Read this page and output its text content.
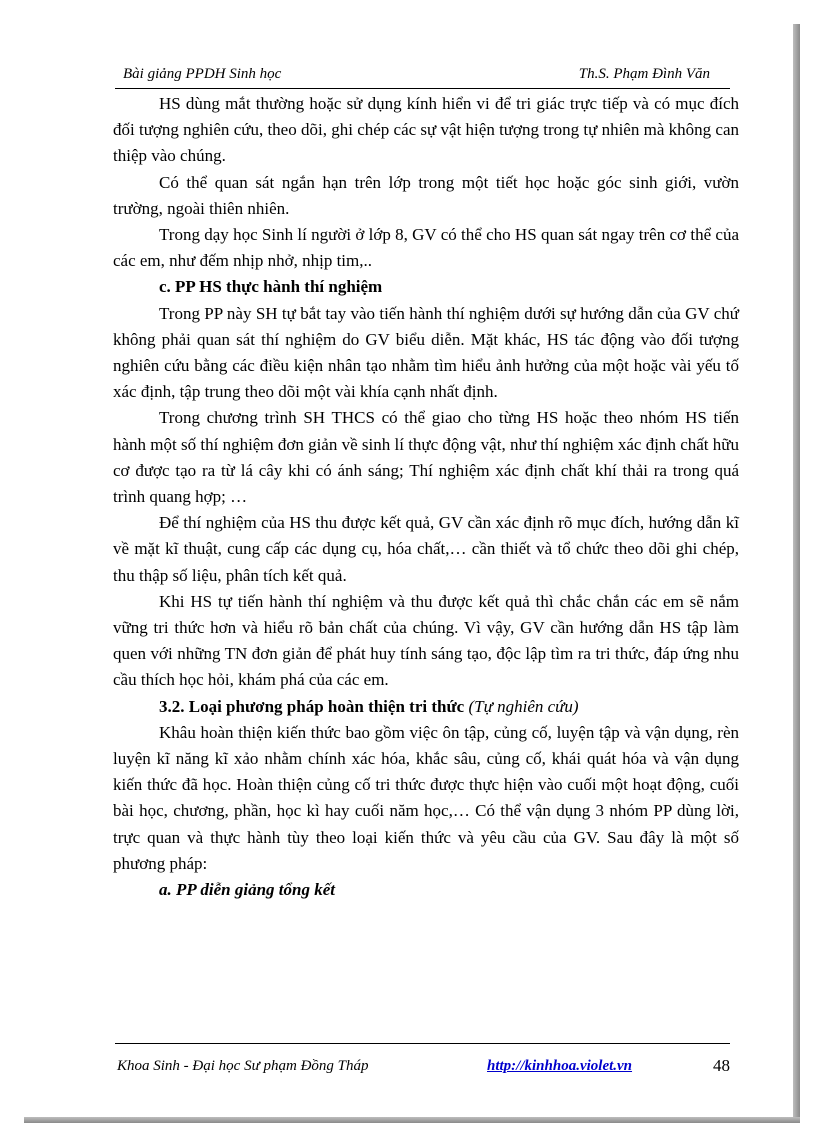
Bài giảng PPDH Sinh học	Th.S. Phạm Đình Văn

HS dùng mắt thường hoặc sử dụng kính hiển vi để tri giác trực tiếp và có mục đích đối tượng nghiên cứu, theo dõi, ghi chép các sự vật hiện tượng trong tự nhiên mà không can thiệp vào chúng.

Có thể quan sát ngắn hạn trên lớp trong một tiết học hoặc góc sinh giới, vườn trường, ngoài thiên nhiên.

Trong dạy học Sinh lí người ở lớp 8, GV có thể cho HS quan sát ngay trên cơ thể của các em, như đếm nhịp nhở, nhịp tim,..

c. PP HS thực hành thí nghiệm

Trong PP này SH tự bắt tay vào tiến hành thí nghiệm dưới sự hướng dẫn của GV chứ không phải quan sát thí nghiệm do GV biểu diễn. Mặt khác, HS tác động vào đối tượng nghiên cứu bằng các điều kiện nhân tạo nhằm tìm hiểu ảnh hưởng của một hoặc vài yếu tố xác định, tập trung theo dõi một vài khía cạnh nhất định.

Trong chương trình SH THCS có thể giao cho từng HS hoặc theo nhóm HS tiến hành một số thí nghiệm đơn giản về sinh lí thực động vật, như thí nghiệm xác định chất hữu cơ được tạo ra từ lá cây khi có ánh sáng; Thí nghiệm xác định chất khí thải ra trong quá trình quang hợp; …

Để thí nghiệm của HS thu được kết quả, GV cần xác định rõ mục đích, hướng dẫn kĩ về mặt kĩ thuật, cung cấp các dụng cụ, hóa chất,… cần thiết và tổ chức theo dõi ghi chép, thu thập số liệu, phân tích kết quả.

Khi HS tự tiến hành thí nghiệm và thu được kết quả thì chắc chắn các em sẽ nắm vững tri thức hơn và hiểu rõ bản chất của chúng. Vì vậy, GV cần hướng dẫn HS tập làm quen với những TN đơn giản để phát huy tính sáng tạo, độc lập tìm ra tri thức, đáp ứng nhu cầu thích học hỏi, khám phá của các em.

3.2. Loại phương pháp hoàn thiện tri thức (Tự nghiên cứu)

Khâu hoàn thiện kiến thức bao gồm việc ôn tập, củng cố, luyện tập và vận dụng, rèn luyện kĩ năng kĩ xảo nhằm chính xác hóa, khắc sâu, củng cố, khái quát hóa và vận dụng kiến thức đã học. Hoàn thiện củng cố tri thức được thực hiện vào cuối một hoạt động, cuối bài học, chương, phần, học kì hay cuối năm học,… Có thể vận dụng 3 nhóm PP dùng lời, trực quan và thực hành tùy theo loại kiến thức và yêu cầu của GV. Sau đây là một số phương pháp:

a. PP diễn giảng tổng kết
Khoa Sinh - Đại học Sư phạm Đồng Tháp	http://kinhhoa.violet.vn	48
